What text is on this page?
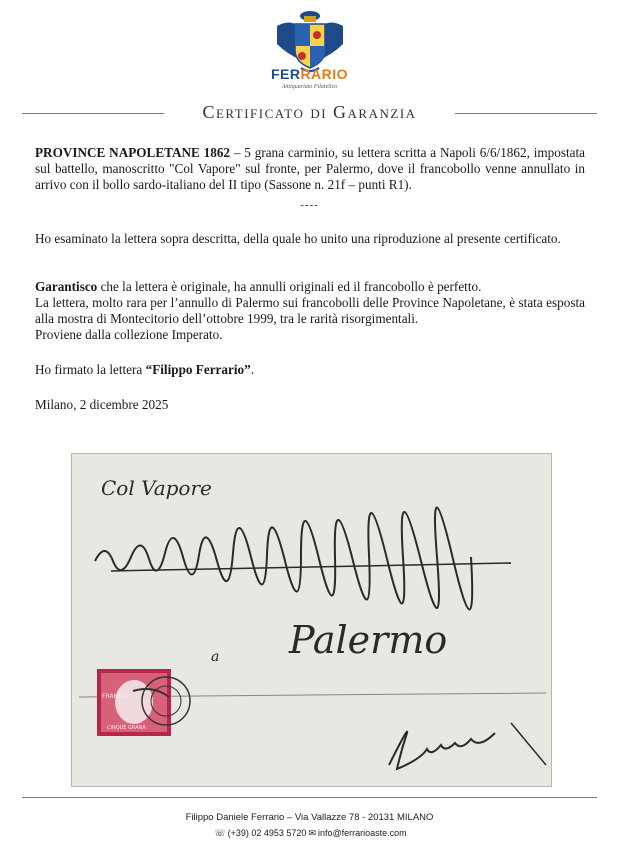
FERRARIO
Antiquariato Filatelico
Certificato di Garanzia

PROVINCE NAPOLETANE 1862 – 5 grana carminio, su lettera scritta a Napoli 6/6/1862, impostata sul battello, manoscritto "Col Vapore" sul fronte, per Palermo, dove il francobollo venne annullato in arrivo con il bollo sardo-italiano del II tipo (Sassone n. 21f – punti R1).

----

Ho esaminato la lettera sopra descritta, della quale ho unito una riproduzione al presente certificato.

Garantisco che la lettera è originale, ha annulli originali ed il francobollo è perfetto.

La lettera, molto rara per l’annullo di Palermo sui francobolli delle Province Napoletane, è stata esposta alla mostra di Montecitorio dell’ottobre 1999, tra le rarità risorgimentali.

Proviene dalla collezione Imperato.

Ho firmato la lettera “Filippo Ferrario”.

Milano, 2 dicembre 2025

Col Vapore
a Palermo
FRANCO
CINQUE GRANA
Filippo Daniele Ferrario – Via Vallazze 78 - 20131 MILANO
☏ (+39) 02 4953 5720 ✉ info@ferrarioaste.com
